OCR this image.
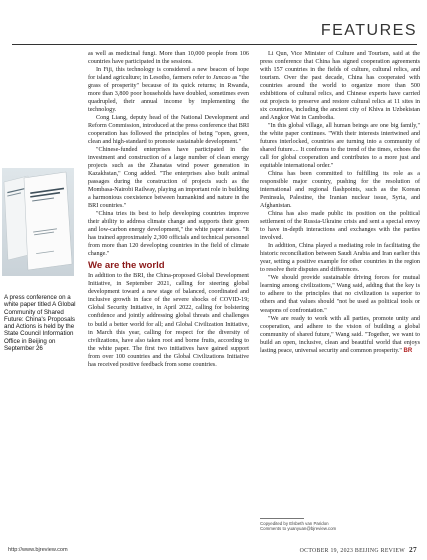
FEATURES
A press conference on a white paper titled A Global Community of Shared Future: China's Proposals and Actions is held by the State Council Information Office in Beijing on September 26

as well as medicinal fungi. More than 10,000 people from 106 countries have participated in the sessions.

In Fiji, this technology is considered a new beacon of hope for island agriculture; in Lesotho, farmers refer to Juncao as "the grass of prosperity" because of its quick returns; in Rwanda, more than 3,800 poor households have doubled, sometimes even quadrupled, their annual income by implementing the technology.

Cong Liang, deputy head of the National Development and Reform Commission, introduced at the press conference that BRI cooperation has followed the principles of being "open, green, clean and high-standard to promote sustainable development."

"Chinese-funded enterprises have participated in the investment and construction of a large number of clean energy projects such as the Zhanatas wind power generation in Kazakhstan," Cong added. "The enterprises also built animal passages during the construction of projects such as the Mombasa-Nairobi Railway, playing an important role in building a harmonious coexistence between humankind and nature in the BRI countries."

"China tries its best to help developing countries improve their ability to address climate change and supports their green and low-carbon energy development," the white paper states. "It has trained approximately 2,300 officials and technical personnel from more than 120 developing countries in the field of climate change."

We are the world

In addition to the BRI, the China-proposed Global Development Initiative, in September 2021, calling for steering global development toward a new stage of balanced, coordinated and inclusive growth in face of the severe shocks of COVID-19; Global Security Initiative, in April 2022, calling for bolstering confidence and jointly addressing global threats and challenges to build a better world for all; and Global Civilization Initiative, in March this year, calling for respect for the diversity of civilizations, have also taken root and borne fruits, according to the white paper. The first two initiatives have gained support from over 100 countries and the Global Civilizations Initiative has received positive feedback from some countries.

Li Qun, Vice Minister of Culture and Tourism, said at the press conference that China has signed cooperation agreements with 157 countries in the fields of culture, cultural relics, and tourism. Over the past decade, China has cooperated with countries around the world to organize more than 500 exhibitions of cultural relics, and Chinese experts have carried out projects to preserve and restore cultural relics at 11 sites in six countries, including the ancient city of Khiva in Uzbekistan and Angkor Wat in Cambodia.

"In this global village, all human beings are one big family," the white paper continues. "With their interests intertwined and futures interlocked, countries are turning into a community of shared future.... It conforms to the trend of the times, echoes the call for global cooperation and contributes to a more just and equitable international order."

China has been committed to fulfilling its role as a responsible major country, pushing for the resolution of international and regional flashpoints, such as the Korean Peninsula, Palestine, the Iranian nuclear issue, Syria, and Afghanistan.

China has also made public its position on the political settlement of the Russia-Ukraine crisis and sent a special envoy to have in-depth interactions and exchanges with the parties involved.

In addition, China played a mediating role in facilitating the historic reconciliation between Saudi Arabia and Iran earlier this year, setting a positive example for other countries in the region to resolve their disputes and differences.

"We should provide sustainable driving forces for mutual learning among civilizations," Wang said, adding that the key is to adhere to the principles that no civilization is superior to others and that values should "not be used as political tools or weapons of confrontation."

"We are ready to work with all parties, promote unity and cooperation, and adhere to the vision of building a global community of shared future," Wang said. "Together, we want to build an open, inclusive, clean and beautiful world that enjoys lasting peace, universal security and common prosperity." BR

Copyedited by Elsbeth van Paridon
Comments to yuanyuan@bjreview.com
http://www.bjreview.com	OCTOBER 19, 2023 BEIJING REVIEW 27
